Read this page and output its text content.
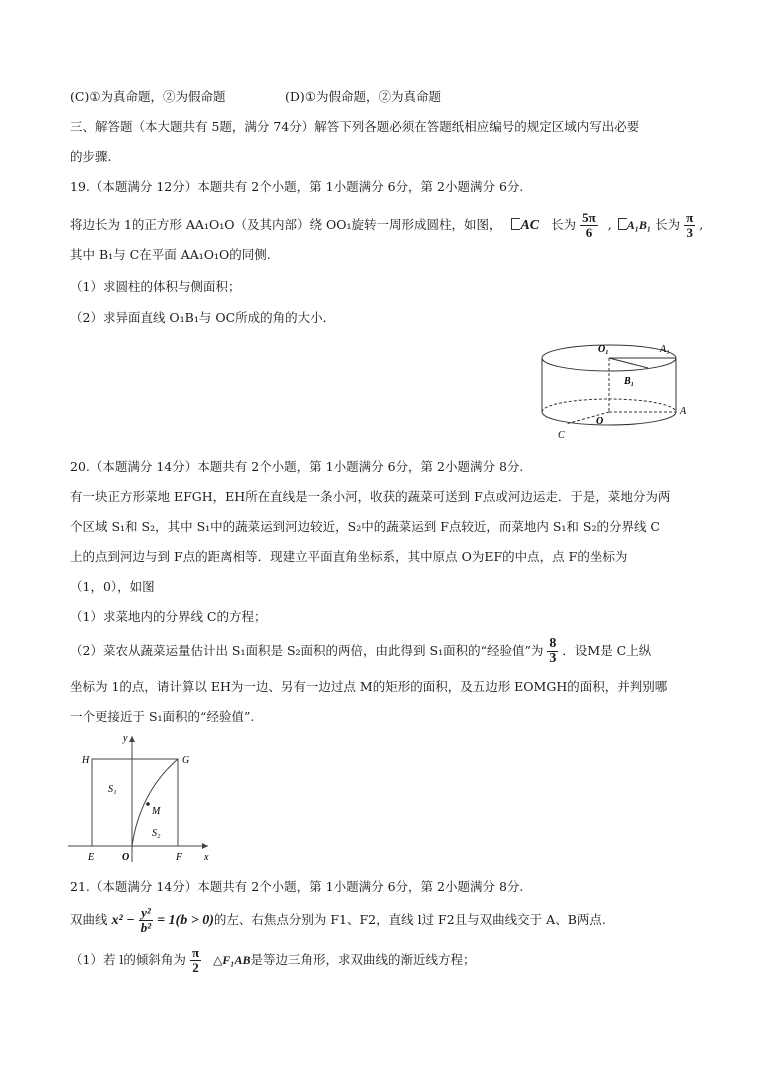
(C)①为真命题，②为假命题	(D)①为假命题，②为真命题
三、解答题（本大题共有 5题，满分 74分）解答下列各题必须在答题纸相应编号的规定区域内写出必要
的步骤.
19.（本题满分 12分）本题共有 2个小题，第 1小题满分 6分，第 2小题满分 6分.
将边长为 1的正方形 AA₁O₁O（及其内部）绕 OO₁旋转一周形成圆柱，如图， AC 长为 $\frac{5\pi}{6}$ , A₁B₁ 长为 $\frac{\pi}{3}$ ,
其中 B₁与 C在平面 AA₁O₁O的同侧.
（1）求圆柱的体积与侧面积；
（2）求异面直线 O₁B₁与 OC所成的角的大小．
O₁	A₁
B₁
O
A
C
20.（本题满分 14分）本题共有 2个小题，第 1小题满分 6分，第 2小题满分 8分.
有一块正方形菜地 EFGH，EH所在直线是一条小河，收获的蔬菜可送到 F点或河边运走．于是，菜地分为两
个区域 S₁和 S₂，其中 S₁中的蔬菜运到河边较近，S₂中的蔬菜运到 F点较近，而菜地内 S₁和 S₂的分界线 C
上的点到河边与到 F点的距离相等．现建立平面直角坐标系，其中原点 O为EF的中点，点 F的坐标为
（1，0），如图
（1）求菜地内的分界线 C的方程；
（2）菜农从蔬菜运量估计出 S₁面积是 S₂面积的两倍，由此得到 S₁面积的“经验值”为 $\frac{8}{3}$ ．设M是 C上纵
坐标为 1的点，请计算以 EH为一边、另有一边过点 M的矩形的面积，及五边形 EOMGH的面积，并判别哪
一个更接近于 S₁面积的“经验值”.
y
H	G
S₁
M
S₂
E	O	F x
21.（本题满分 14分）本题共有 2个小题，第 1小题满分 6分，第 2小题满分 8分.
双曲线 $x^2 - \frac{\text{y²}}{\text{b²}} = 1(b > 0)$的左、右焦点分别为 F1、F2，直线 l过 F2且与双曲线交于 A、B两点.
（1）若 l的倾斜角为 $\frac{\pi}{2}$ △F₁AB是等边三角形，求双曲线的渐近线方程；
